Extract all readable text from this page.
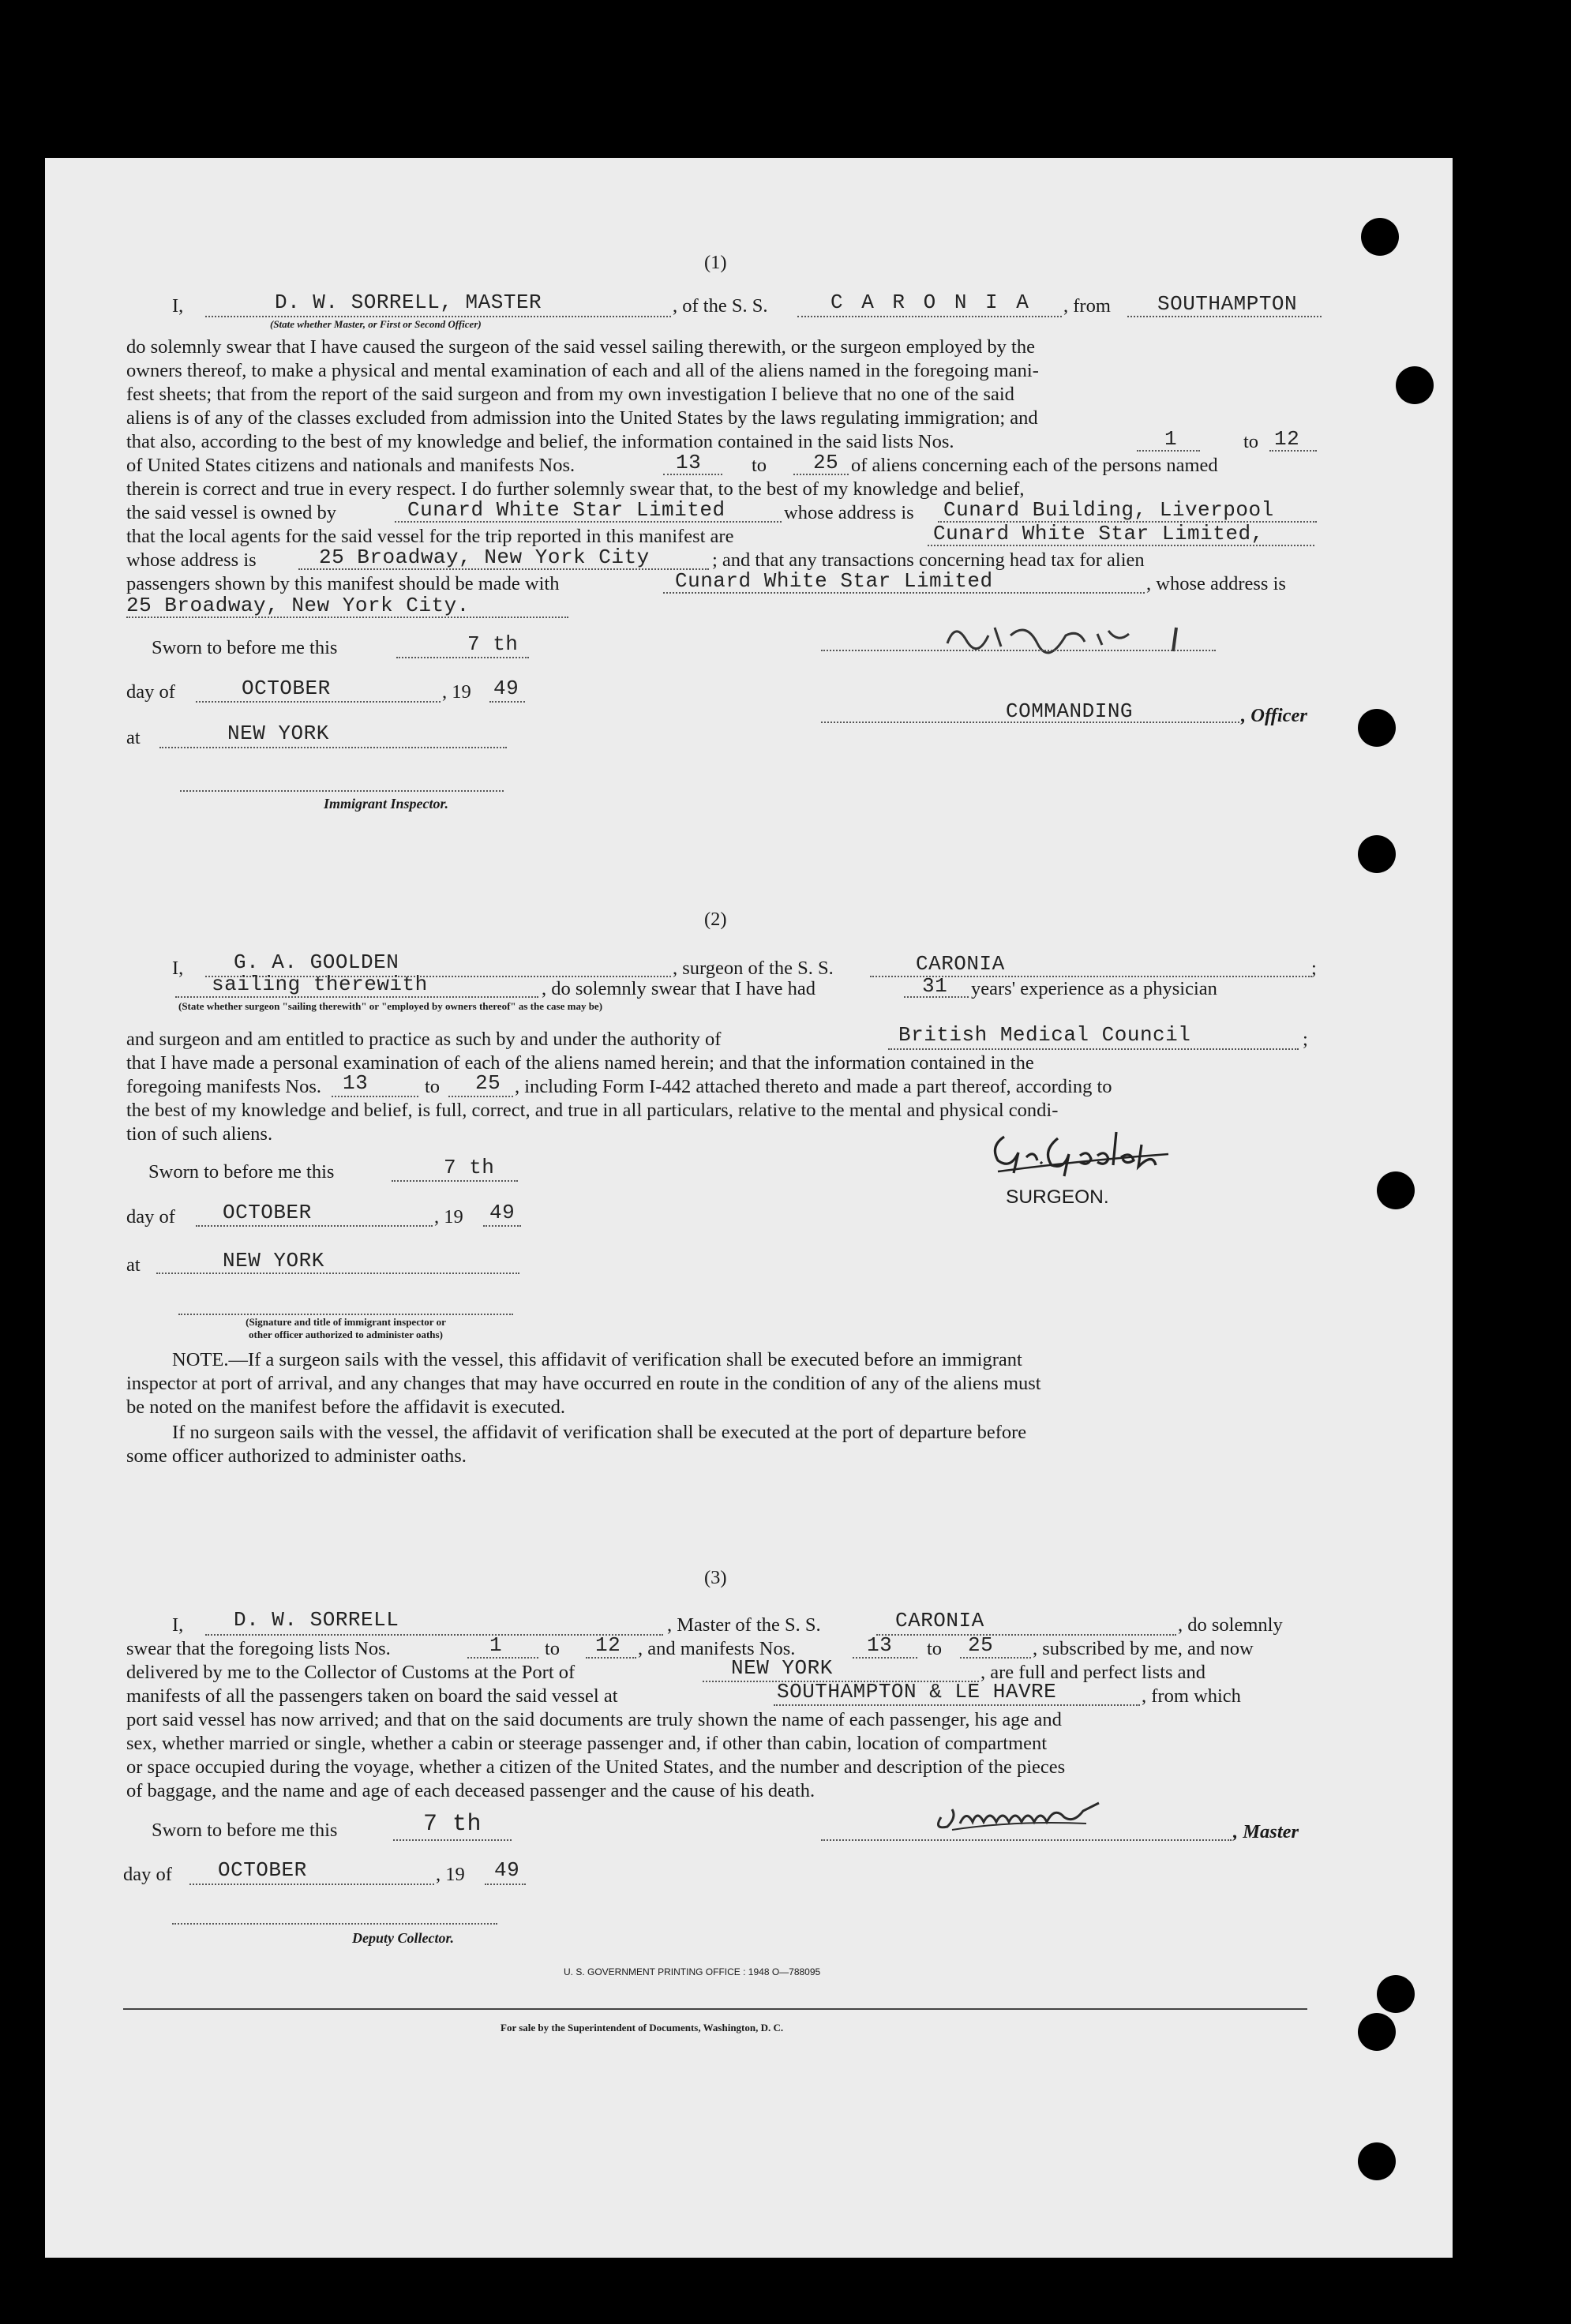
(1)
I,	D. W. SORRELL, MASTER
(State whether Master, or First or Second Officer)
, of the S. S.	C A R O N I A , from SOUTHAMPTON
do solemnly swear that I have caused the surgeon of the said vessel sailing therewith, or the surgeon employed by the
owners thereof, to make a physical and mental examination of each and all of the aliens named in the foregoing mani-
fest sheets; that from the report of the said surgeon and from my own investigation I believe that no one of the said
aliens is of any of the classes excluded from admission into the United States by the laws regulating immigration; and
that also, according to the best of my knowledge and belief, the information contained in the said lists Nos.	1	to 12
of United States citizens and nationals and manifests Nos.	13	to 25 of aliens concerning each of the persons named
therein is correct and true in every respect. I do further solemnly swear that, to the best of my knowledge and belief,
the said vessel is owned by	Cunard White Star Limited	whose address is Cunard Building, Liverpool
that the local agents for the said vessel for the trip reported in this manifest are	Cunard White Star Limited,
whose address is	25 Broadway, New York City	; and that any transactions concerning head tax for alien
passengers shown by this manifest should be made with	Cunard White Star Limited	, whose address is
25 Broadway, New York City.
Sworn to before me this	7 th
day of	OCTOBER	, 19 49
at	NEW YORK
Immigrant Inspector.
COMMANDING	, Officer
(2)
I, G. A. GOOLDEN	, surgeon of the S. S.	CARONIA	;
sailing therewith	, do solemnly swear that I have had	31 years' experience as a physician
(State whether surgeon "sailing therewith" or "employed by owners thereof" as the case may be)
and surgeon and am entitled to practice as such by and under the authority of	British Medical Council	;
that I have made a personal examination of each of the aliens named herein; and that the information contained in the
foregoing manifests Nos. 13	to 25 , including Form I-442 attached thereto and made a part thereof, according to
the best of my knowledge and belief, is full, correct, and true in all particulars, relative to the mental and physical condi-
tion of such aliens.
SURGEON.
Sworn to before me this	7 th
day of OCTOBER	, 19 49
at	NEW YORK
(Signature and title of immigrant inspector or
other officer authorized to administer oaths)
NOTE.—If a surgeon sails with the vessel, this affidavit of verification shall be executed before an immigrant
inspector at port of arrival, and any changes that may have occurred en route in the condition of any of the aliens must
be noted on the manifest before the affidavit is executed.
If no surgeon sails with the vessel, the affidavit of verification shall be executed at the port of departure before
some officer authorized to administer oaths.
(3)
I, D. W. SORRELL	, Master of the S. S.	CARONIA	, do solemnly
swear that the foregoing lists Nos.	1 to 12 , and manifests Nos.	13 to 25 , subscribed by me, and now
delivered by me to the Collector of Customs at the Port of	NEW YORK	, are full and perfect lists and
manifests of all the passengers taken on board the said vessel at	SOUTHAMPTON & LE HAVRE	, from which
port said vessel has now arrived; and that on the said documents are truly shown the name of each passenger, his age and
sex, whether married or single, whether a cabin or steerage passenger and, if other than cabin, location of compartment
or space occupied during the voyage, whether a citizen of the United States, and the number and description of the pieces
of baggage, and the name and age of each deceased passenger and the cause of his death.
Sworn to before me this	7 th
day of OCTOBER	, 19 49
Deputy Collector.
, Master
U. S. GOVERNMENT PRINTING OFFICE : 1948 O—788095
For sale by the Superintendent of Documents, Washington, D. C.
